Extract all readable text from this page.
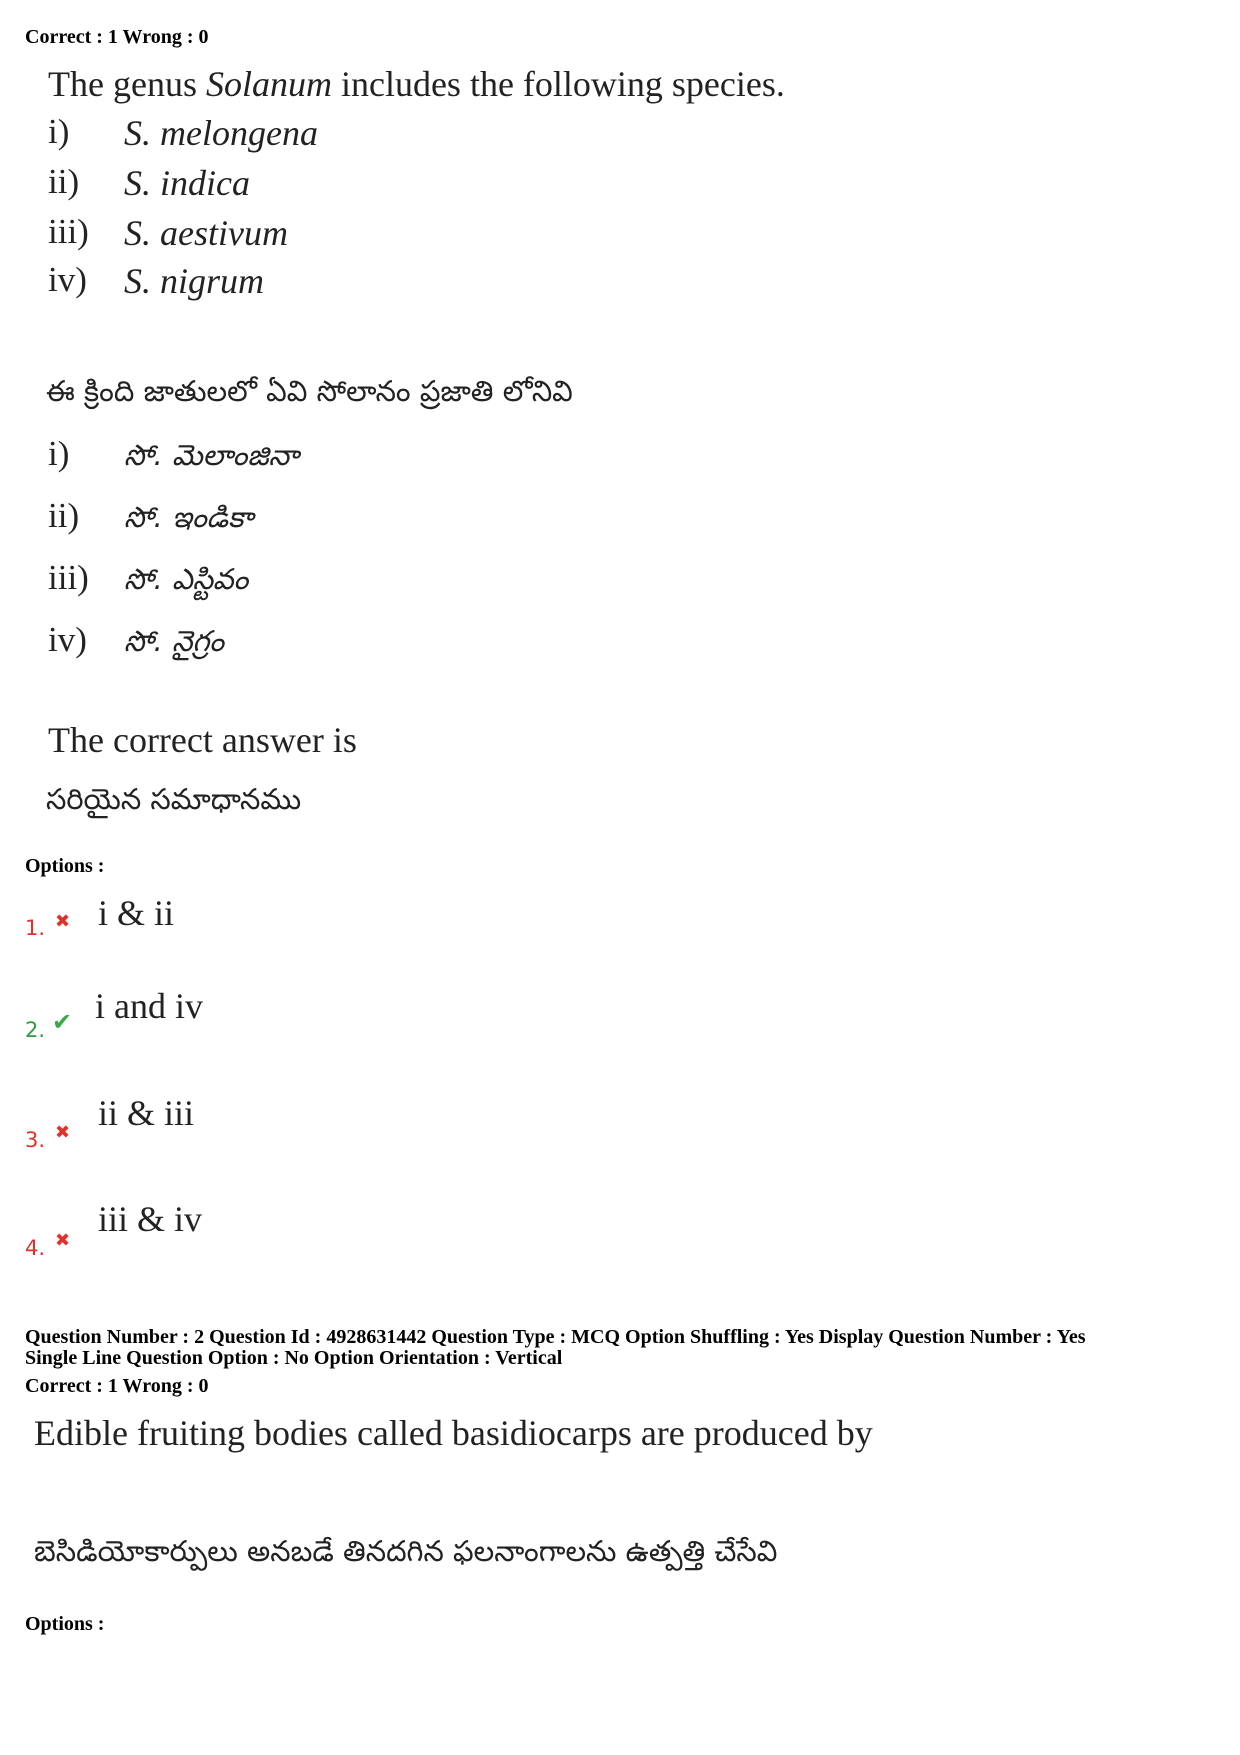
Correct : 1 Wrong : 0
The genus Solanum includes the following species.
i) S. melongena
ii) S. indica
iii) S. aestivum
iv) S. nigrum
ఈ క్రింది జాతులలో ఏవి సోలానం ప్రజాతి లోనివి
i) సో. మెలాంజినా
ii) సో. ఇండికా
iii) సో. ఎస్టివం
iv) సో. నైగ్రం
The correct answer is
సరియైన సమాధానము
Options :
1. ✖ i & ii
2. ✔ i and iv
3. ✖ ii & iii
4. ✖
iii & iv
Question Number : 2 Question Id : 4928631442 Question Type : MCQ Option Shuffling : Yes Display Question Number : Yes
Single Line Question Option : No Option Orientation : Vertical
Correct : 1 Wrong : 0
Edible fruiting bodies called basidiocarps are produced by
బెసిడియోకార్పులు అనబడే తినదగిన ఫలనాంగాలను ఉత్పత్తి చేసేవి
Options :
